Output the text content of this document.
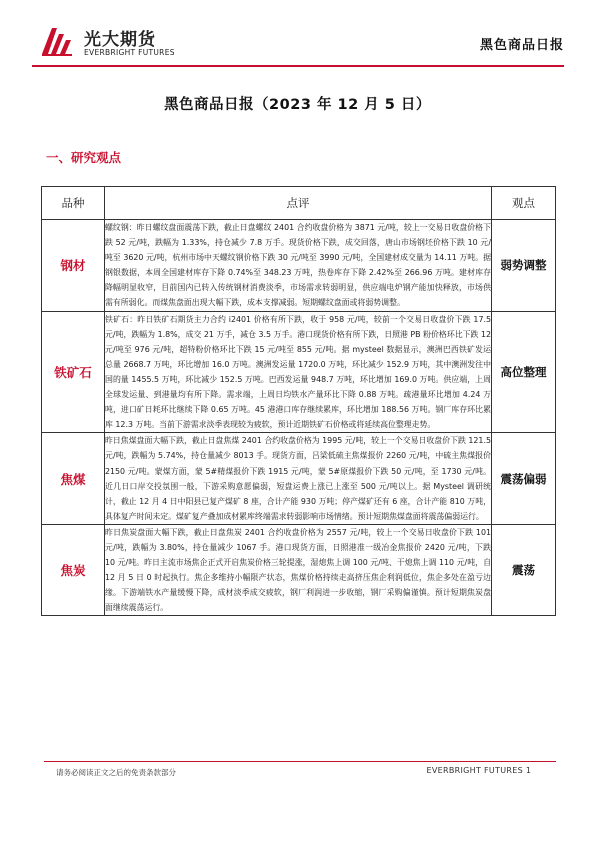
光大期货
EVERBRIGHT FUTURES	黑色商品日报
黑色商品日报（2023 年 12 月 5 日）
一、研究观点
品种	点评	观点
钢材	螺纹钢：昨日螺纹盘面震荡下跌，截止日盘螺纹 2401 合约收盘价格为 3871 元/吨，较上一交易日收盘价格下跌 52 元/吨，跌幅为 1.33%，持仓减少 7.8 万手。现货价格下跌，成交回落，唐山市场钢坯价格下跌 10 元/吨至 3620 元/吨，杭州市场中天螺纹钢价格下跌 30 元/吨至 3990 元/吨，全国建材成交量为 14.11 万吨。据钢银数据，本周全国建材库存下降 0.74%至 348.23 万吨，热卷库存下降 2.42%至 266.96 万吨。建材库存降幅明显收窄，目前国内已转入传统钢材消费淡季，市场需求转弱明显，供应端电炉钢产能加快释放，市场供需有所弱化。而煤焦盘面出现大幅下跌，成本支撑减弱。短期螺纹盘面或将弱势调整。	弱势调整
铁矿石	铁矿石：昨日铁矿石期货主力合约 i2401 价格有所下跌，收于 958 元/吨，较前一个交易日收盘价下跌 17.5 元/吨，跌幅为 1.8%，成交 21 万手，减仓 3.5 万手。港口现货价格有所下跌，日照港 PB 粉价格环比下跌 12 元/吨至 976 元/吨，超特粉价格环比下跌 15 元/吨至 855 元/吨。据 mysteel 数据显示，澳洲巴西铁矿发运总量 2668.7 万吨，环比增加 16.0 万吨。澳洲发运量 1720.0 万吨，环比减少 152.9 万吨，其中澳洲发往中国的量 1455.5 万吨，环比减少 152.5 万吨。巴西发运量 948.7 万吨，环比增加 169.0 万吨。供应端，上周全球发运量、到港量均有所下降。需求端，上周日均铁水产量环比下降 0.88 万吨。疏港量环比增加 4.24 万吨，进口矿日耗环比继续下降 0.65 万吨。45 港港口库存继续累库，环比增加 188.56 万吨。钢厂库存环比累库 12.3 万吨。当前下游需求淡季表现较为疲软，预计近期铁矿石价格或将延续高位整理走势。	高位整理
焦煤	昨日焦煤盘面大幅下跌，截止日盘焦煤 2401 合约收盘价格为 1995 元/吨，较上一个交易日收盘价下跌 121.5 元/吨，跌幅为 5.74%，持仓量减少 8013 手。现货方面，吕梁低硫主焦煤报价 2260 元/吨，中硫主焦煤报价 2150 元/吨。蒙煤方面，蒙 5#精煤报价下跌 1915 元/吨，蒙 5#原煤报价下跌 50 元/吨，至 1730 元/吨。近几日口岸交投氛围一般，下游采购意愿偏弱，短盘运费上涨已上涨至 500 元/吨以上。据 Mysteel 调研统计，截止 12 月 4 日中阳县已复产煤矿 8 座，合计产能 930 万吨；停产煤矿还有 6 座，合计产能 810 万吨，具体复产时间未定。煤矿复产叠加成材累库终端需求转弱影响市场情绪。预计短期焦煤盘面将震荡偏弱运行。	震荡偏弱
焦炭	昨日焦炭盘面大幅下跌，截止日盘焦炭 2401 合约收盘价格为 2557 元/吨，较上一个交易日收盘价下跌 101 元/吨，跌幅为 3.80%，持仓量减少 1067 手。港口现货方面，日照港准一级冶金焦报价 2420 元/吨，下跌 10 元/吨。昨日主流市场焦企正式开启焦炭价格三轮提涨，湿熄焦上调 100 元/吨、干熄焦上调 110 元/吨，自 12 月 5 日 0 时起执行。焦企多维持小幅限产状态，焦煤价格持续走高挤压焦企利润低位，焦企多处在盈亏边缘。下游端铁水产量缓慢下降，成材淡季成交疲软，钢厂利润进一步收缩，钢厂采购偏谨慎。预计短期焦炭盘面继续震荡运行。	震荡
请务必阅读正文之后的免责条款部分	EVERBRIGHT FUTURES 1
